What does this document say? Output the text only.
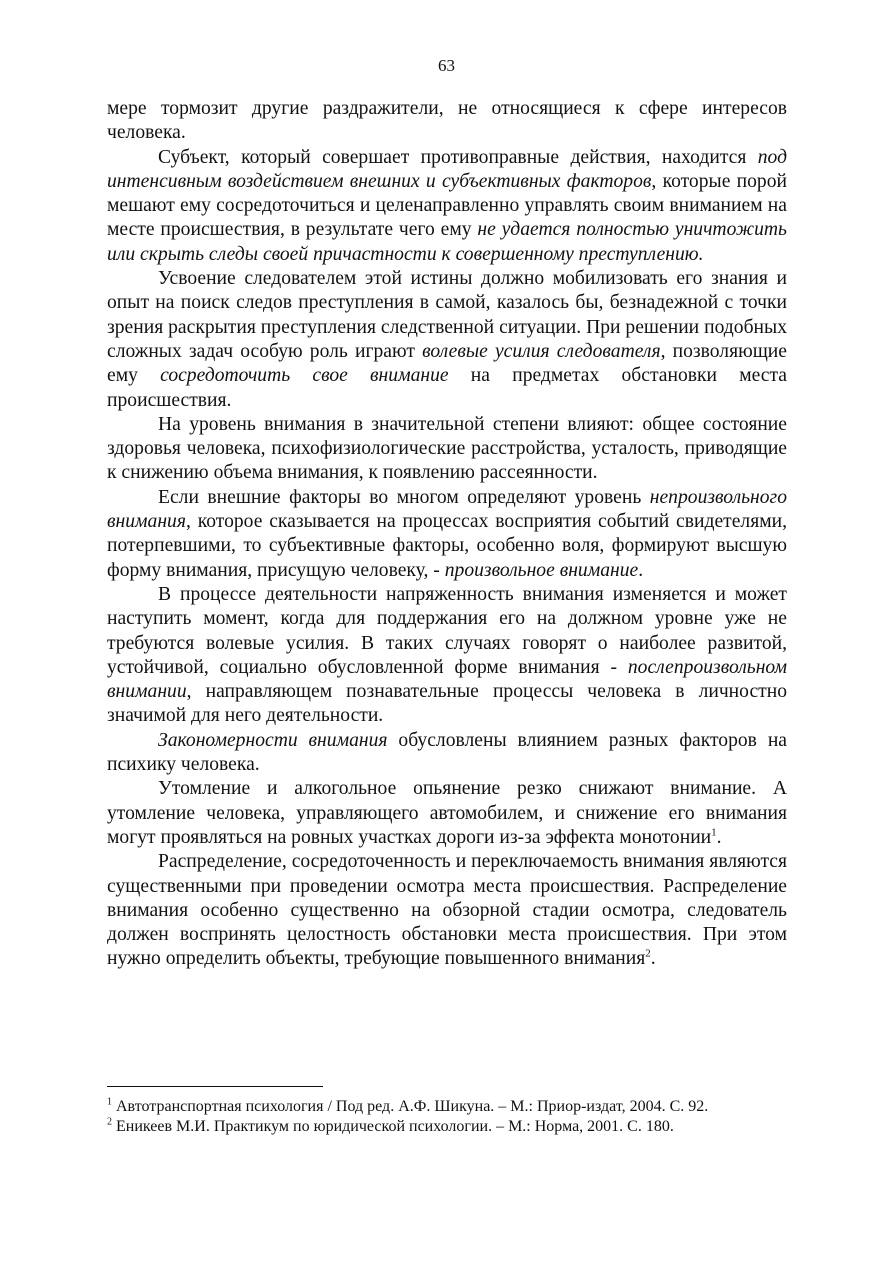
63

мере тормозит другие раздражители, не относящиеся к сфере интересов человека.

Субъект, который совершает противоправные действия, находится под интенсивным воздействием внешних и субъективных факторов, которые порой мешают ему сосредоточиться и целенаправленно управлять своим вниманием на месте происшествия, в результате чего ему не удается полностью уничтожить или скрыть следы своей причастности к совершенному преступлению.

Усвоение следователем этой истины должно мобилизовать его знания и опыт на поиск следов преступления в самой, казалось бы, безнадежной с точки зрения раскрытия преступления следственной ситуации. При решении подобных сложных задач особую роль играют волевые усилия следователя, позволяющие ему сосредоточить свое внимание на предметах обстановки места происшествия.

На уровень внимания в значительной степени влияют: общее состояние здоровья человека, психофизиологические расстройства, усталость, приводящие к снижению объема внимания, к появлению рассеянности.

Если внешние факторы во многом определяют уровень непроизвольного внимания, которое сказывается на процессах восприятия событий свидетелями, потерпевшими, то субъективные факторы, особенно воля, формируют высшую форму внимания, присущую человеку, - произвольное внимание.

В процессе деятельности напряженность внимания изменяется и может наступить момент, когда для поддержания его на должном уровне уже не требуются волевые усилия. В таких случаях говорят о наиболее развитой, устойчивой, социально обусловленной форме внимания - послепроизвольном внимании, направляющем познавательные процессы человека в личностно значимой для него деятельности.

Закономерности внимания обусловлены влиянием разных факторов на психику человека.

Утомление и алкогольное опьянение резко снижают внимание. А утомление человека, управляющего автомобилем, и снижение его внимания могут проявляться на ровных участках дороги из-за эффекта монотонии$^1$.

Распределение, сосредоточенность и переключаемость внимания являются существенными при проведении осмотра места происшествия. Распределение внимания особенно существенно на обзорной стадии осмотра, следователь должен воспринять целостность обстановки места происшествия. При этом нужно определить объекты, требующие повышенного внимания$^2$.

$^1$ Автотранспортная психология / Под ред. А.Ф. Шикуна. – М.: Приор-издат, 2004. С. 92.

$^2$ Еникеев М.И. Практикум по юридической психологии. – М.: Норма, 2001. С. 180.
